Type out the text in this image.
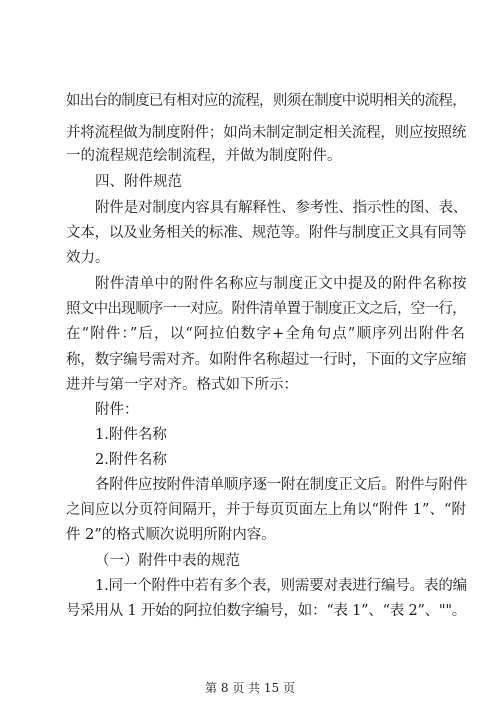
如出台的制度已有相对应的流程，则须在制度中说明相关的流程，
并将流程做为制度附件；如尚未制定制定相关流程，则应按照统
一的流程规范绘制流程，并做为制度附件。
四、附件规范
附件是对制度内容具有解释性、参考性、指示性的图、表、
文本，以及业务相关的标准、规范等。附件与制度正文具有同等
效力。
附件清单中的附件名称应与制度正文中提及的附件名称按
照文中出现顺序一一对应。附件清单置于制度正文之后，空一行，
在“附件：”后，以“阿拉伯数字+全角句点”顺序列出附件名
称，数字编号需对齐。如附件名称超过一行时，下面的文字应缩
进并与第一字对齐。格式如下所示：
附件：
1.附件名称
2.附件名称
各附件应按附件清单顺序逐一附在制度正文后。附件与附件
之间应以分页符间隔开，并于每页页面左上角以“附件 1”、“附
件 2”的格式顺次说明所附内容。
（一）附件中表的规范
1.同一个附件中若有多个表，则需要对表进行编号。表的编
号采用从 1 开始的阿拉伯数字编号，如：“表 1”、“表 2”、""。
第 8 页 共 15 页
